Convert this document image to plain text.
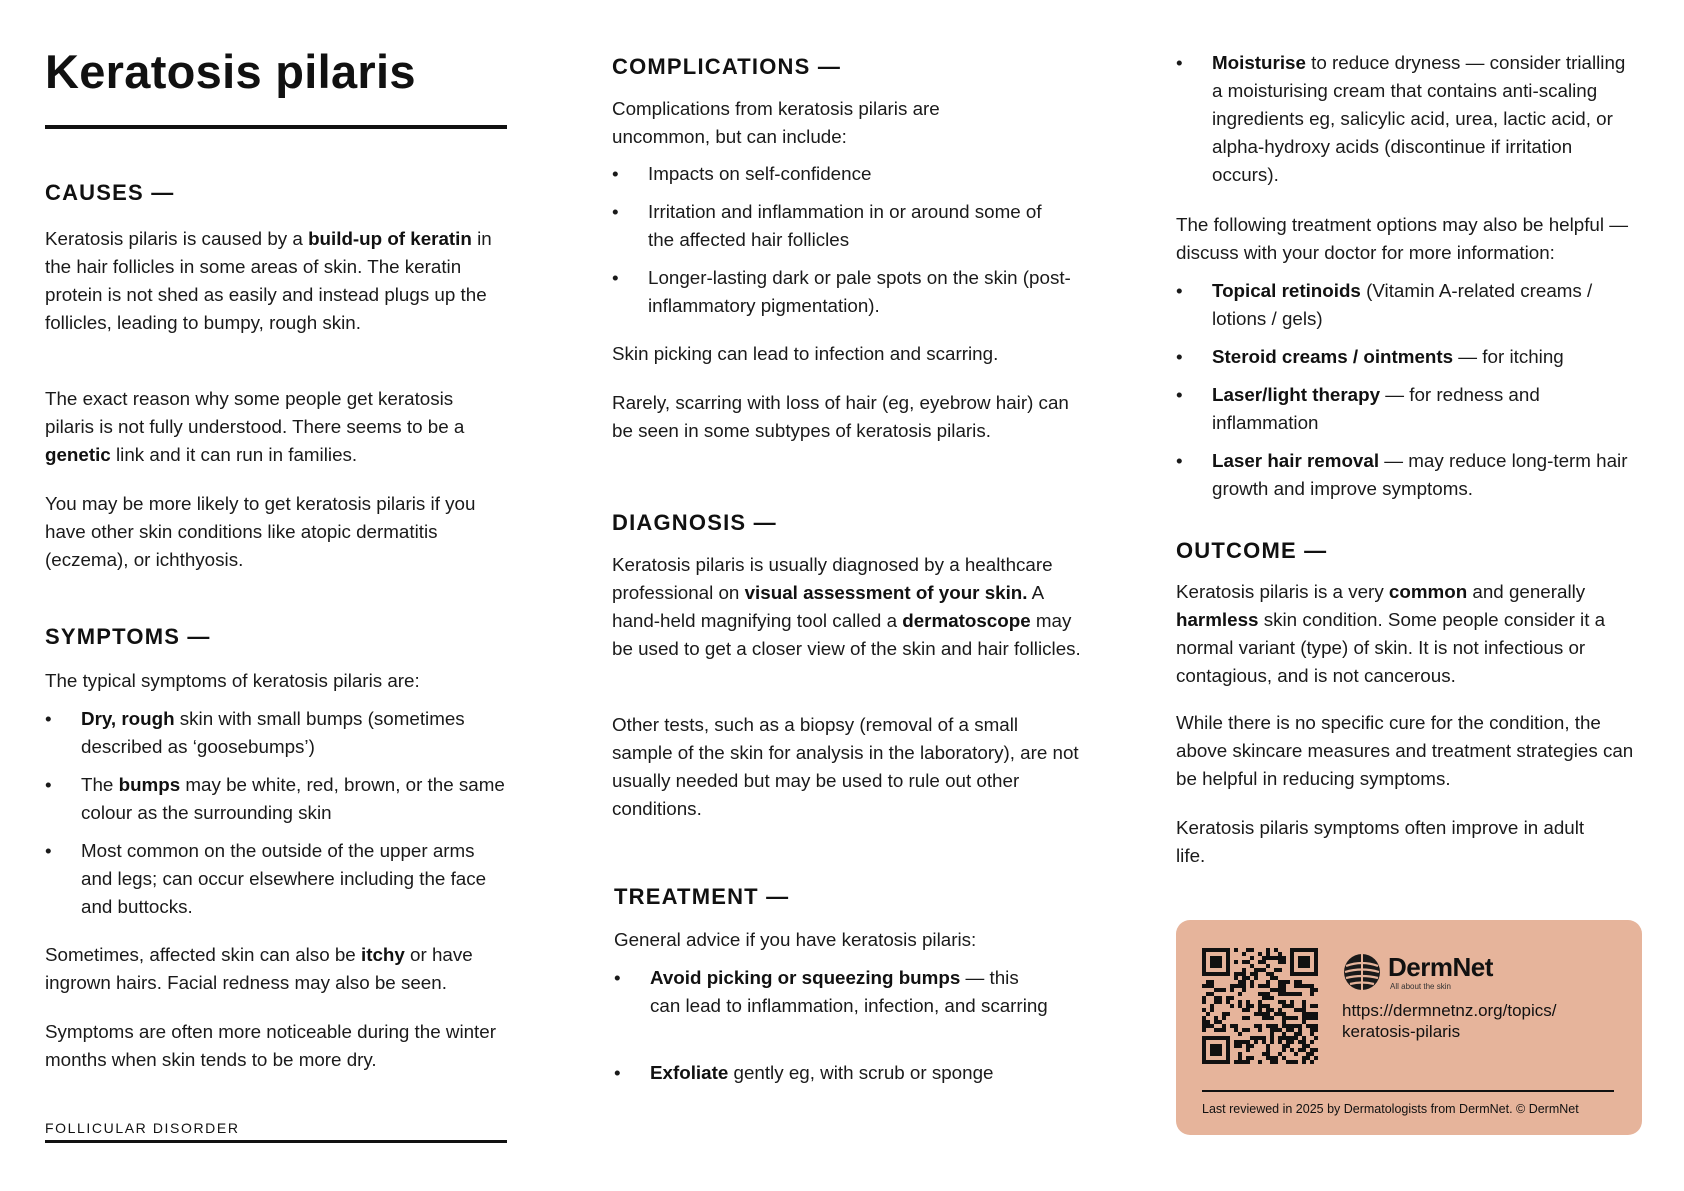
Keratosis pilaris
CAUSES —
Keratosis pilaris is caused by a build-up of keratin in the hair follicles in some areas of skin. The keratin protein is not shed as easily and instead plugs up the follicles, leading to bumpy, rough skin.
The exact reason why some people get keratosis pilaris is not fully understood. There seems to be a genetic link and it can run in families.
You may be more likely to get keratosis pilaris if you have other skin conditions like atopic dermatitis (eczema), or ichthyosis.
SYMPTOMS —
The typical symptoms of keratosis pilaris are:
•	Dry, rough skin with small bumps (sometimes described as ‘goosebumps’)
•	The bumps may be white, red, brown, or the same colour as the surrounding skin
•	Most common on the outside of the upper arms and legs; can occur elsewhere including the face and buttocks.
Sometimes, affected skin can also be itchy or have ingrown hairs. Facial redness may also be seen.
Symptoms are often more noticeable during the winter months when skin tends to be more dry.
FOLLICULAR DISORDER
COMPLICATIONS —
Complications from keratosis pilaris are uncommon, but can include:
•	Impacts on self-confidence
•	Irritation and inflammation in or around some of the affected hair follicles
•	Longer-lasting dark or pale spots on the skin (post-inflammatory pigmentation).
Skin picking can lead to infection and scarring.
Rarely, scarring with loss of hair (eg, eyebrow hair) can be seen in some subtypes of keratosis pilaris.
DIAGNOSIS —
Keratosis pilaris is usually diagnosed by a healthcare professional on visual assessment of your skin. A hand-held magnifying tool called a dermatoscope may be used to get a closer view of the skin and hair follicles.
Other tests, such as a biopsy (removal of a small sample of the skin for analysis in the laboratory), are not usually needed but may be used to rule out other conditions.
TREATMENT —
General advice if you have keratosis pilaris:
•	Avoid picking or squeezing bumps — this can lead to inflammation, infection, and scarring
•	Exfoliate gently eg, with scrub or sponge
•	Moisturise to reduce dryness — consider trialling a moisturising cream that contains anti-scaling ingredients eg, salicylic acid, urea, lactic acid, or alpha-hydroxy acids (discontinue if irritation occurs).
The following treatment options may also be helpful — discuss with your doctor for more information:
•	Topical retinoids (Vitamin A-related creams / lotions / gels)
•	Steroid creams / ointments — for itching
•	Laser/light therapy — for redness and inflammation
•	Laser hair removal — may reduce long-term hair growth and improve symptoms.
OUTCOME —
Keratosis pilaris is a very common and generally harmless skin condition. Some people consider it a normal variant (type) of skin. It is not infectious or contagious, and is not cancerous.
While there is no specific cure for the condition, the above skincare measures and treatment strategies can be helpful in reducing symptoms.
Keratosis pilaris symptoms often improve in adult life.
DermNet
All about the skin
https://dermnetnz.org/topics/ keratosis-pilaris
Last reviewed in 2025 by Dermatologists from DermNet. © DermNet
